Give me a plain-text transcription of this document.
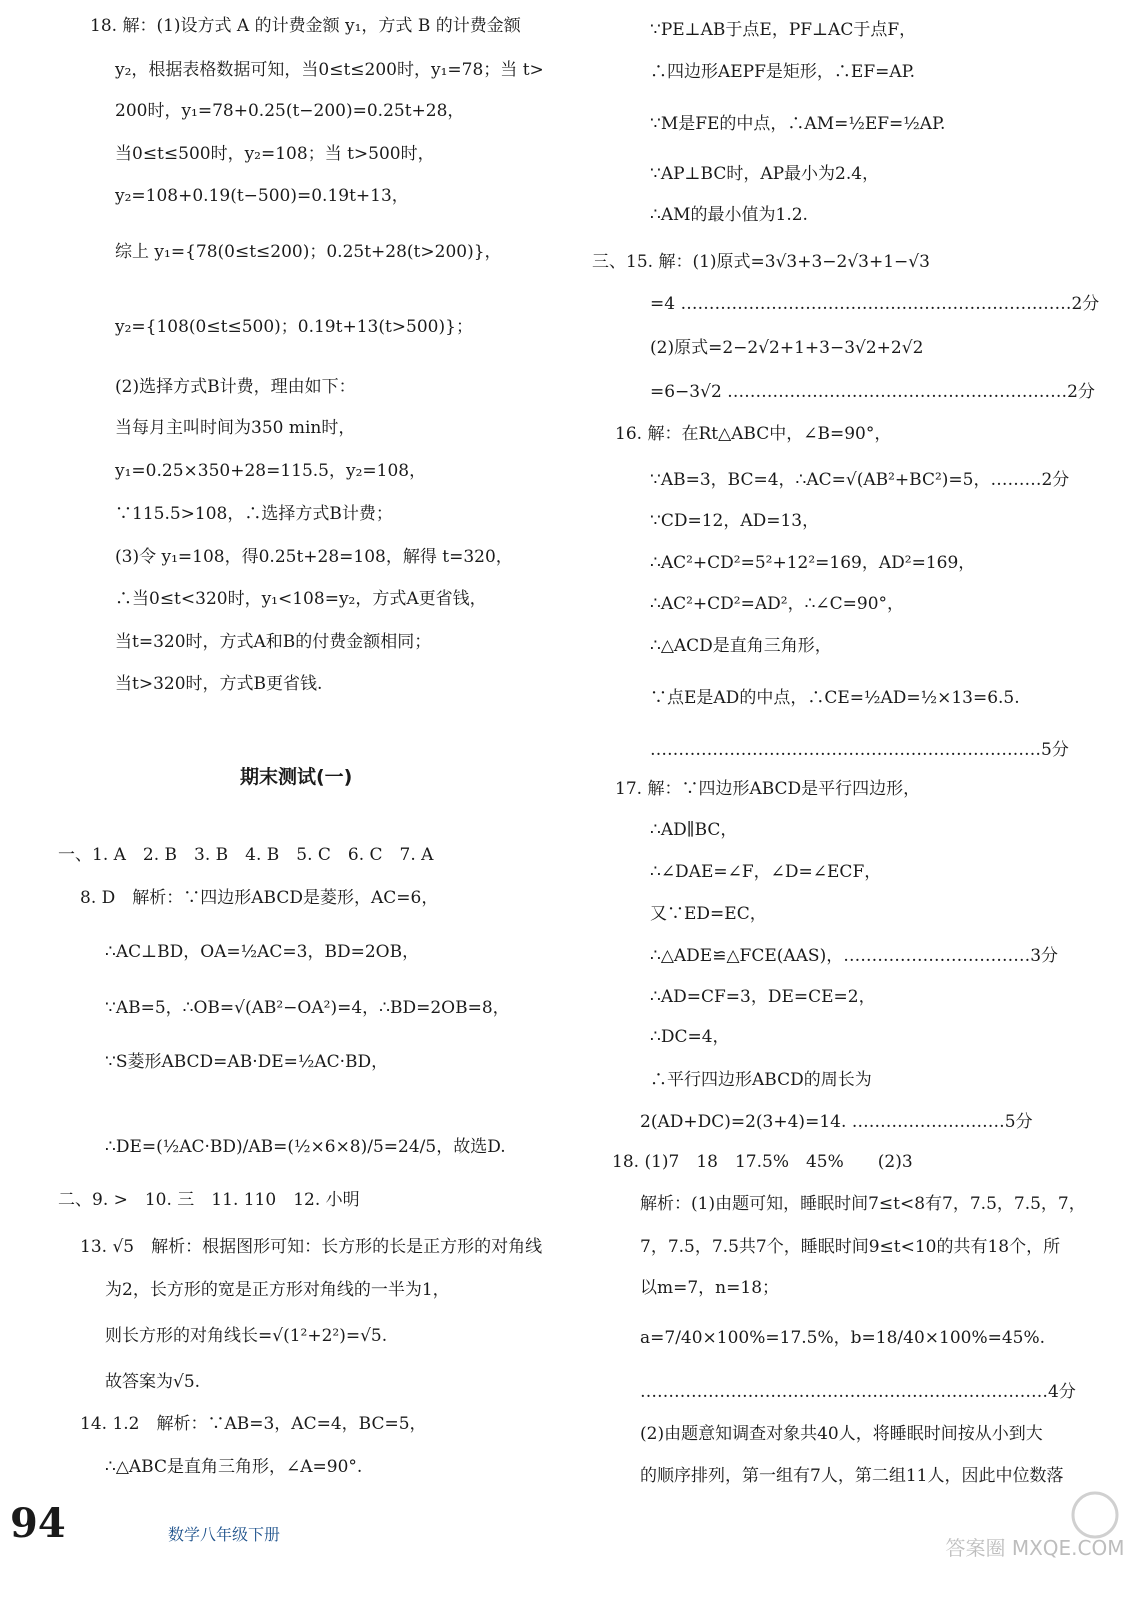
18. 解：(1)设方式 A 的计费金额 y₁，方式 B 的计费金额
y₂，根据表格数据可知，当0≤t≤200时，y₁=78；当 t>
200时，y₁=78+0.25(t−200)=0.25t+28，
当0≤t≤500时，y₂=108；当 t>500时，
y₂=108+0.19(t−500)=0.19t+13，
综上 y₁={78(0≤t≤200)；0.25t+28(t>200)}，
y₂={108(0≤t≤500)；0.19t+13(t>500)}；
(2)选择方式B计费，理由如下：
当每月主叫时间为350 min时，
y₁=0.25×350+28=115.5，y₂=108，
∵115.5>108，∴选择方式B计费；
(3)令 y₁=108，得0.25t+28=108，解得 t=320，
∴当0≤t<320时，y₁<108=y₂，方式A更省钱，
当t=320时，方式A和B的付费金额相同；
当t>320时，方式B更省钱.
一、1. A　2. B　3. B　4. B　5. C　6. C　7. A
8. D　解析：∵四边形ABCD是菱形，AC=6，
∴AC⊥BD，OA=½AC=3，BD=2OB，
∵AB=5，∴OB=√(AB²−OA²)=4，∴BD=2OB=8，
∵S菱形ABCD=AB·DE=½AC·BD，
∴DE=(½AC·BD)/AB=(½×6×8)/5=24/5，故选D.
二、9. >　10. 三　11. 110　12. 小明
13. √5　解析：根据图形可知：长方形的长是正方形的对角线
为2，长方形的宽是正方形对角线的一半为1，
则长方形的对角线长=√(1²+2²)=√5.
故答案为√5.
14. 1.2　解析：∵AB=3，AC=4，BC=5，
∴△ABC是直角三角形，∠A=90°.
∵PE⊥AB于点E，PF⊥AC于点F，
∴四边形AEPF是矩形，∴EF=AP.
∵M是FE的中点，∴AM=½EF=½AP.
∵AP⊥BC时，AP最小为2.4，
∴AM的最小值为1.2.
三、15. 解：(1)原式=3√3+3−2√3+1−√3
=4 ……………………………………………………………2分
(2)原式=2−2√2+1+3−3√2+2√2
=6−3√2 ……………………………………………………2分
16. 解：在Rt△ABC中，∠B=90°，
∵AB=3，BC=4，∴AC=√(AB²+BC²)=5，………2分
∵CD=12，AD=13，
∴AC²+CD²=5²+12²=169，AD²=169，
∴AC²+CD²=AD²，∴∠C=90°，
∴△ACD是直角三角形，
∵点E是AD的中点，∴CE=½AD=½×13=6.5.
……………………………………………………………5分
17. 解：∵四边形ABCD是平行四边形，
∴AD∥BC，
∴∠DAE=∠F，∠D=∠ECF，
又∵ED=EC，
∴△ADE≌△FCE(AAS)，……………………………3分
∴AD=CF=3，DE=CE=2，
∴DC=4，
∴平行四边形ABCD的周长为
2(AD+DC)=2(3+4)=14. ………………………5分
18. (1)7　18　17.5%　45%　　(2)3
解析：(1)由题可知，睡眠时间7≤t<8有7，7.5，7.5，7，
7，7.5，7.5共7个，睡眠时间9≤t<10的共有18个，所
以m=7，n=18；
a=7/40×100%=17.5%，b=18/40×100%=45%.
………………………………………………………………4分
(2)由题意知调查对象共40人，将睡眠时间按从小到大
的顺序排列，第一组有7人，第二组11人，因此中位数落
期末测试(一)
94	数学八年级下册
答案圈 MXQE.COM
